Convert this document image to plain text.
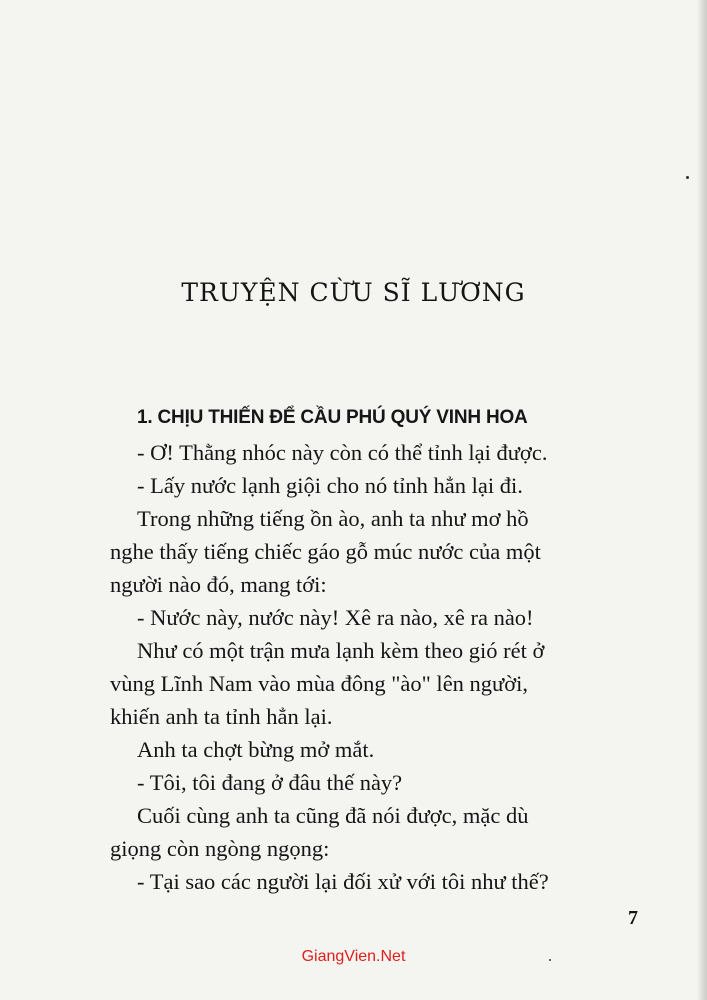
TRUYỆN CỪU SĨ LƯƠNG
1. CHỊU THIẾN ĐỂ CẦU PHÚ QUÝ VINH HOA
- Ơ! Thằng nhóc này còn có thể tỉnh lại được.
- Lấy nước lạnh giội cho nó tỉnh hẳn lại đi.
Trong những tiếng ồn ào, anh ta như mơ hồ
nghe thấy tiếng chiếc gáo gỗ múc nước của một
người nào đó, mang tới:
- Nước này, nước này! Xê ra nào, xê ra nào!
Như có một trận mưa lạnh kèm theo gió rét ở
vùng Lĩnh Nam vào mùa đông "ào" lên người,
khiến anh ta tỉnh hẳn lại.
Anh ta chợt bừng mở mắt.
- Tôi, tôi đang ở đâu thế này?
Cuối cùng anh ta cũng đã nói được, mặc dù
giọng còn ngòng ngọng:
- Tại sao các người lại đối xử với tôi như thế?
7
GiangVien.Net
